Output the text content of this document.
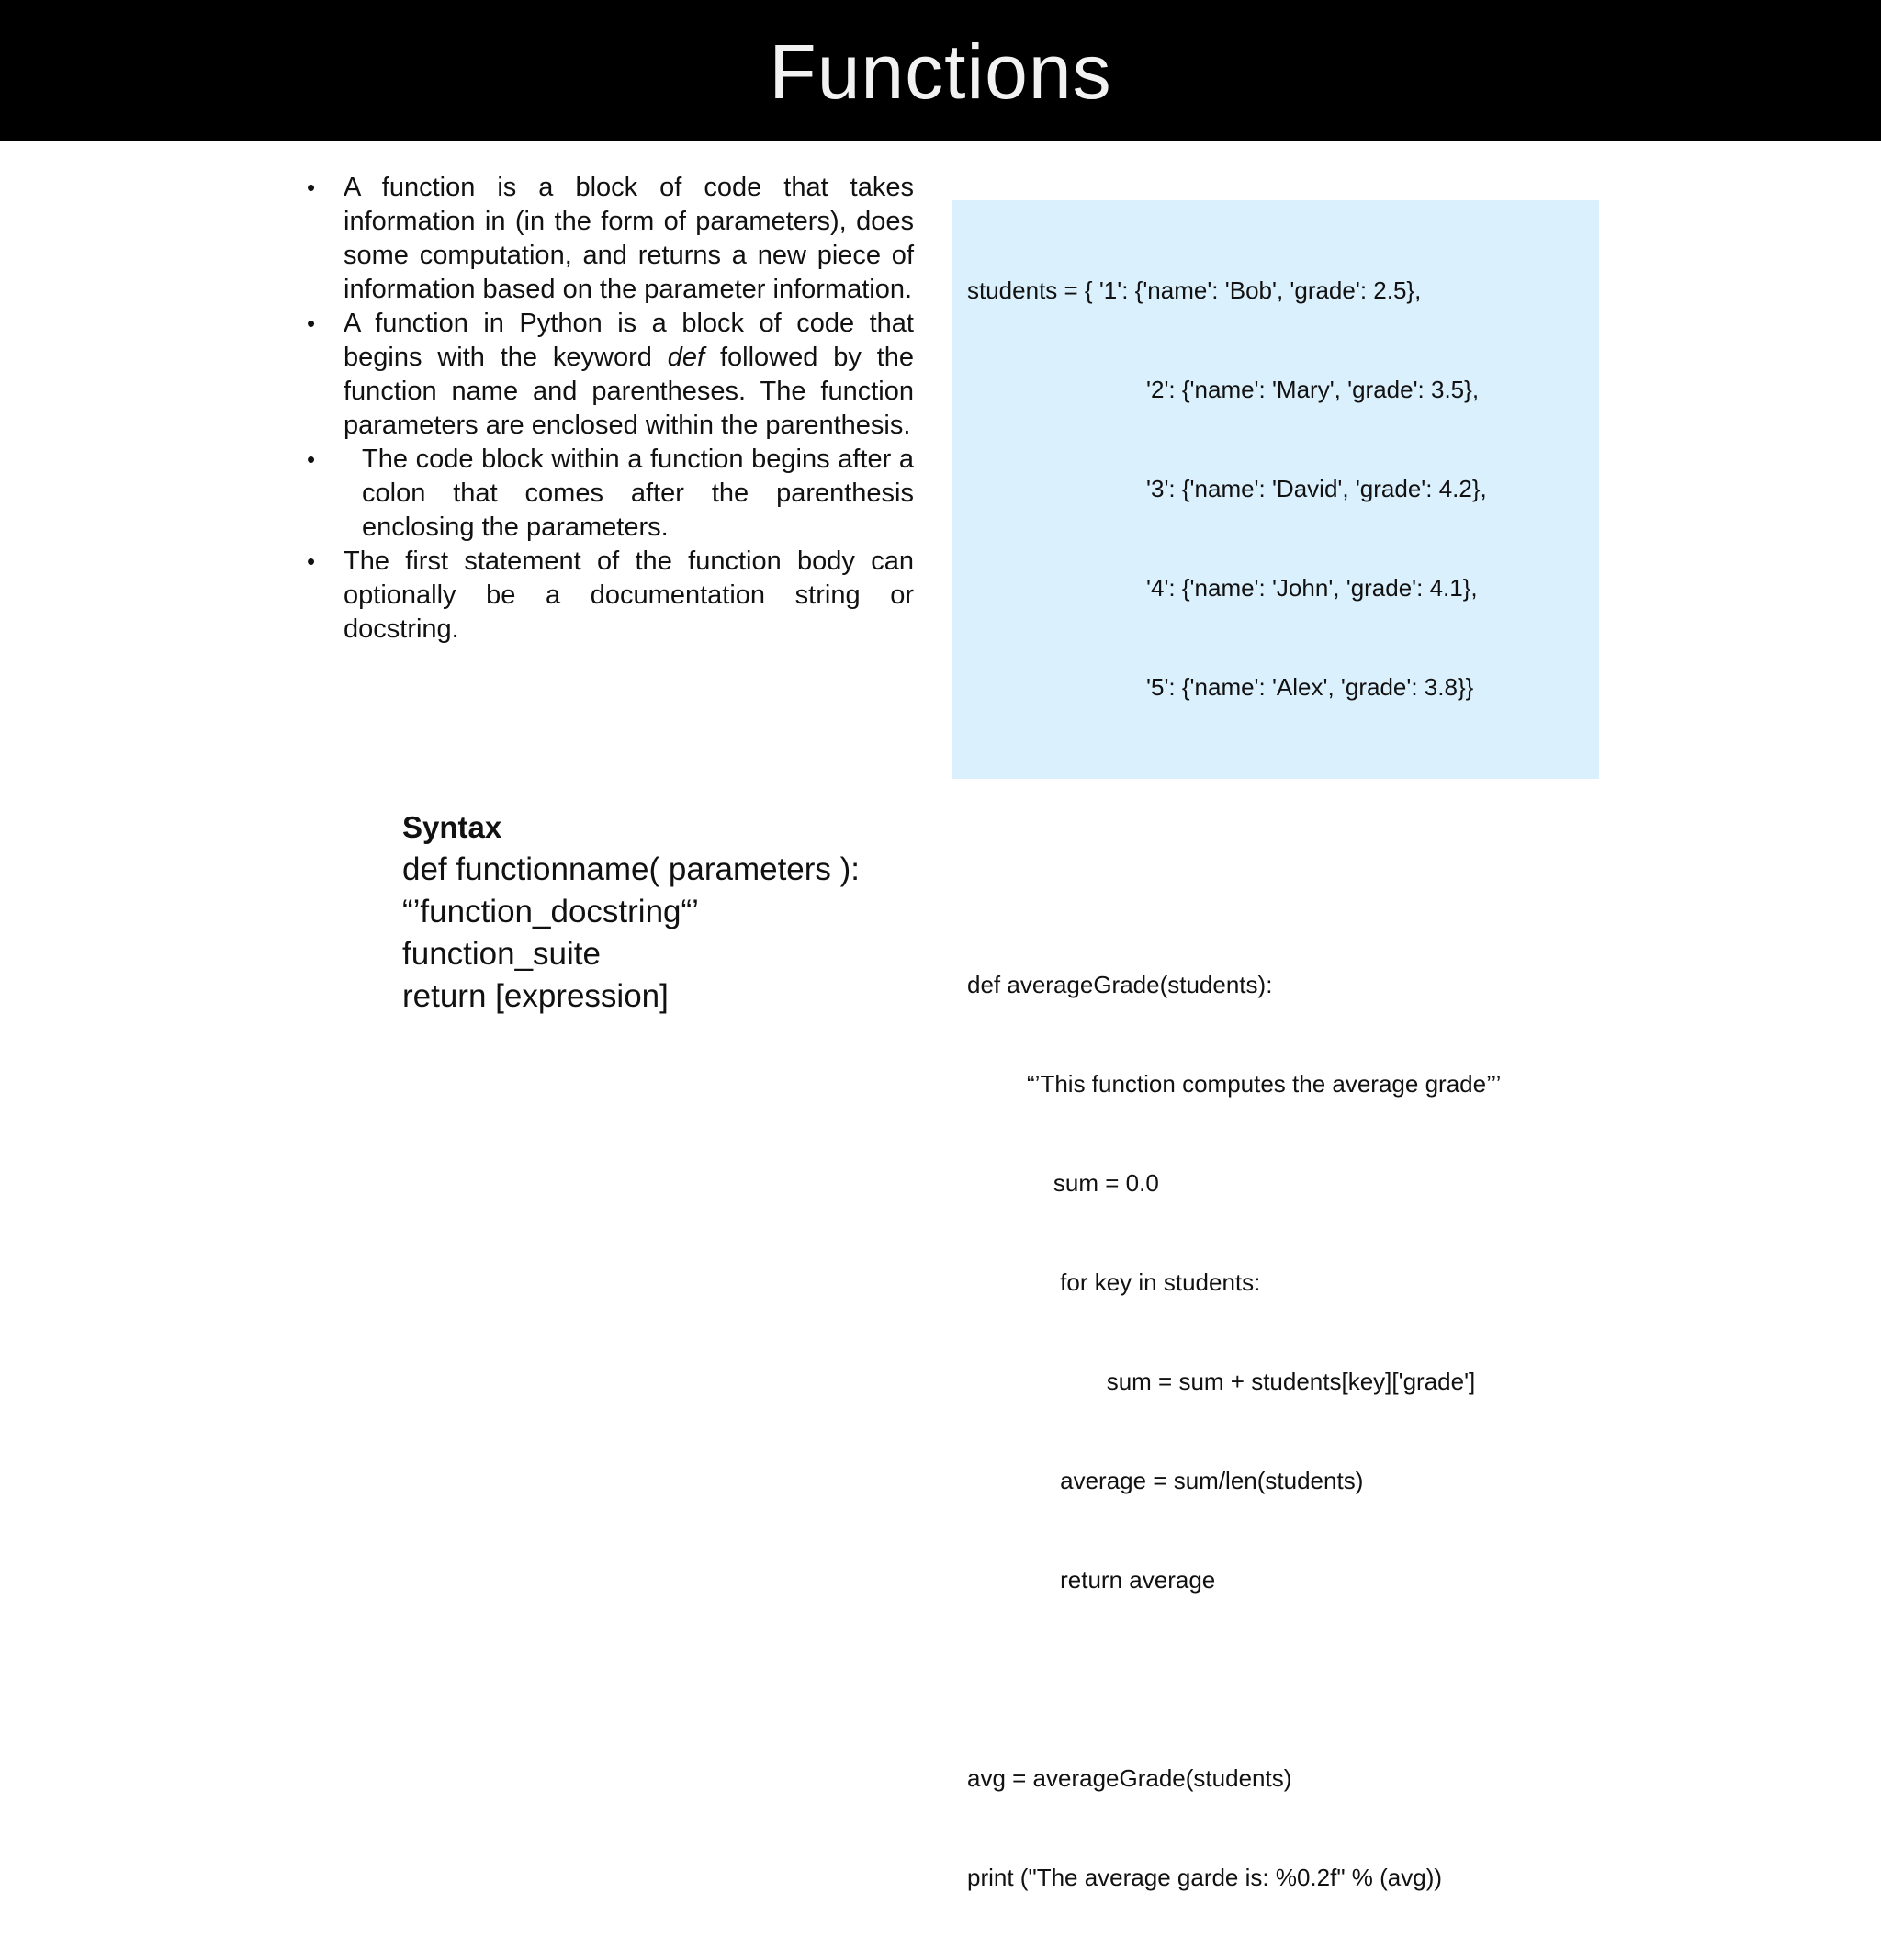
Functions
• A function is a block of code that takes information in (in the form of parameters), does some computation, and returns a new piece of information based on the parameter information.
• A function in Python is a block of code that begins with the keyword def followed by the function name and parentheses. The function parameters are enclosed within the parenthesis.
• The code block within a function begins after a colon that comes after the parenthesis enclosing the parameters.
• The first statement of the function body can optionally be a documentation string or docstring.

students = { '1': {'name': 'Bob', 'grade': 2.5},

'2': {'name': 'Mary', 'grade': 3.5},

'3': {'name': 'David', 'grade': 4.2},

'4': {'name': 'John', 'grade': 4.1},

'5': {'name': 'Alex', 'grade': 3.8}}

def averageGrade(students):

“’This function computes the average grade’’’

sum = 0.0

for key in students:

sum = sum + students[key]['grade']

average = sum/len(students)

return average

avg = averageGrade(students)

print ("The average garde is: %0.2f" % (avg))

Syntax
def functionname( parameters ):
“’function_docstring“’
function_suite
return [expression]
